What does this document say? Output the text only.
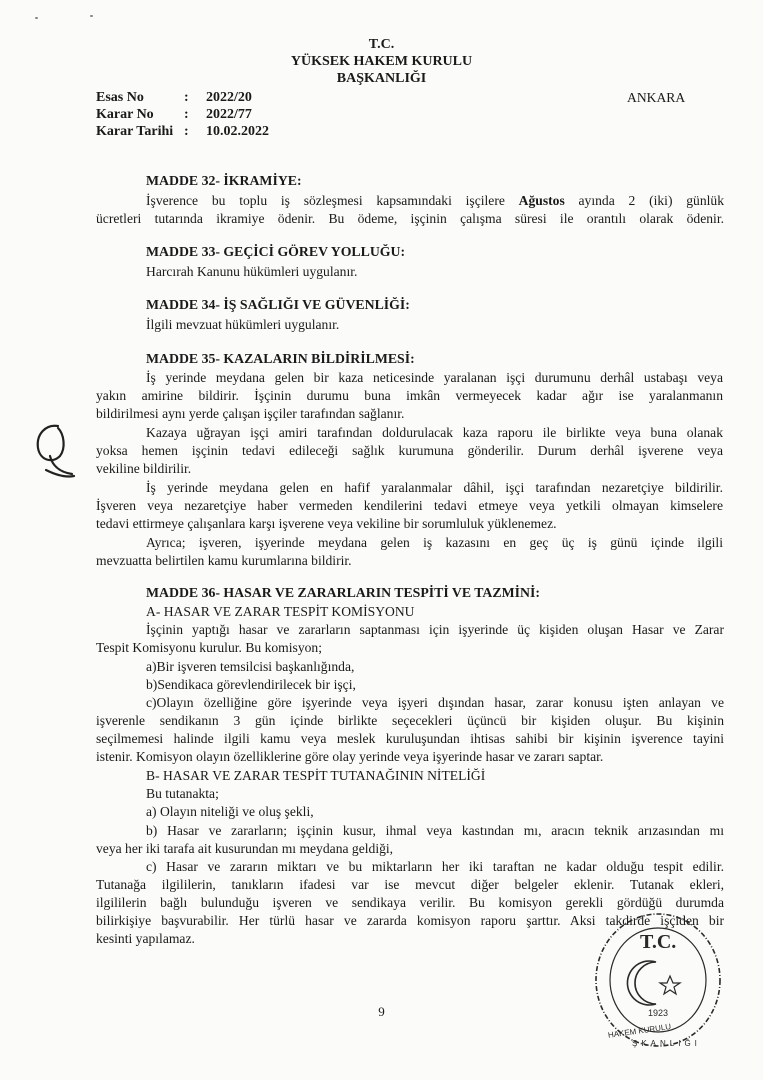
T.C.
YÜKSEK HAKEM KURULU
BAŞKANLIĞI
Esas No	: 2022/20
Karar No : 2022/77
Karar Tarihi : 10.02.2022
ANKARA
MADDE 32- İKRAMİYE:
İşverence bu toplu iş sözleşmesi kapsamındaki işçilere Ağustos ayında 2 (iki) günlük
ücretleri tutarında ikramiye ödenir. Bu ödeme, işçinin çalışma süresi ile orantılı olarak ödenir.
MADDE 33- GEÇİCİ GÖREV YOLLUĞU:
Harcırah Kanunu hükümleri uygulanır.
MADDE 34- İŞ SAĞLIĞI VE GÜVENLİĞİ:
İlgili mevzuat hükümleri uygulanır.
MADDE 35- KAZALARIN BİLDİRİLMESİ:
İş yerinde meydana gelen bir kaza neticesinde yaralanan işçi durumunu derhâl ustabaşı veya
yakın amirine bildirir. İşçinin durumu buna imkân vermeyecek kadar ağır ise yaralanmanın
bildirilmesi aynı yerde çalışan işçiler tarafından sağlanır.
Kazaya uğrayan işçi amiri tarafından doldurulacak kaza raporu ile birlikte veya buna olanak
yoksa hemen işçinin tedavi edileceği sağlık kurumuna gönderilir. Durum derhâl işverene veya
vekiline bildirilir.
İş yerinde meydana gelen en hafif yaralanmalar dâhil, işçi tarafından nezaretçiye bildirilir.
İşveren veya nezaretçiye haber vermeden kendilerini tedavi etmeye veya yetkili olmayan kimselere
tedavi ettirmeye çalışanlara karşı işverene veya vekiline bir sorumluluk yüklenemez.
Ayrıca; işveren, işyerinde meydana gelen iş kazasını en geç üç iş günü içinde ilgili
mevzuatta belirtilen kamu kurumlarına bildirir.
MADDE 36- HASAR VE ZARARLARIN TESPİTİ VE TAZMİNİ:
A- HASAR VE ZARAR TESPİT KOMİSYONU
İşçinin yaptığı hasar ve zararların saptanması için işyerinde üç kişiden oluşan Hasar ve Zarar
Tespit Komisyonu kurulur. Bu komisyon;
a)Bir işveren temsilcisi başkanlığında,
b)Sendikaca görevlendirilecek bir işçi,
c)Olayın özelliğine göre işyerinde veya işyeri dışından hasar, zarar konusu işten anlayan ve
işverenle sendikanın 3 gün içinde birlikte seçecekleri üçüncü bir kişiden oluşur. Bu kişinin
seçilmemesi halinde ilgili kamu veya meslek kuruluşundan ihtisas sahibi bir kişinin işverence tayini
istenir. Komisyon olayın özelliklerine göre olay yerinde veya işyerinde hasar ve zararı saptar.
B- HASAR VE ZARAR TESPİT TUTANAĞININ NİTELİĞİ
Bu tutanakta;
a) Olayın niteliği ve oluş şekli,
b) Hasar ve zararların; işçinin kusur, ihmal veya kastından mı, aracın teknik arızasından mı
veya her iki tarafa ait kusurundan mı meydana geldiği,
c) Hasar ve zararın miktarı ve bu miktarların her iki taraftan ne kadar olduğu tespit edilir.
Tutanağa ilgililerin, tanıkların ifadesi var ise mevcut diğer belgeler eklenir. Tutanak ekleri,
ilgililerin bağlı bulunduğu işveren ve sendikaya verilir. Bu komisyon gerekli gördüğü durumda
bilirkişiye başvurabilir. Her türlü hasar ve zararda komisyon raporu şarttır. Aksi takdirde işçiden bir
kesinti yapılamaz.
9
T.C.
1923
HAKEM KURULU
ŞKANLIĞI
